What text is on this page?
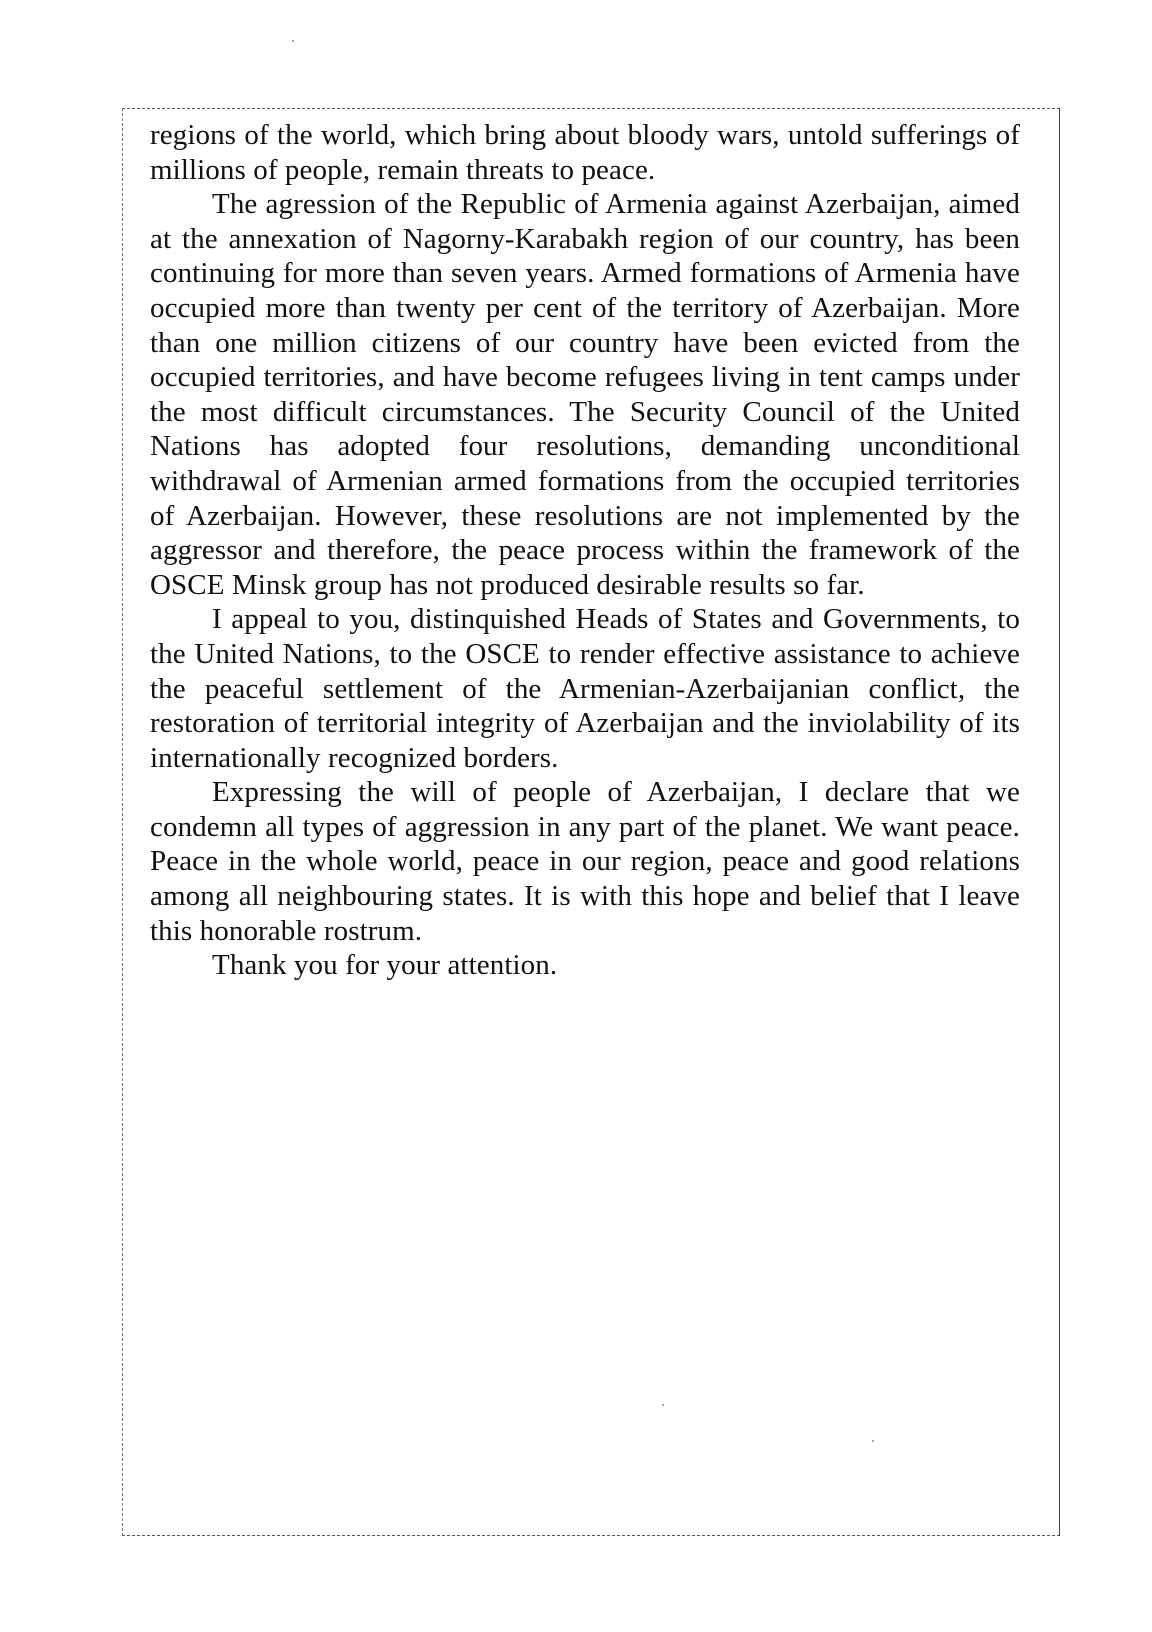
regions of the world, which bring about bloody wars, untold sufferings of millions of people, remain threats to peace.

The agression of the Republic of Armenia against Azerbaijan, aimed at the annexation of Nagorny-Karabakh region of our country, has been continuing for more than seven years. Armed formations of Armenia have occupied more than twenty per cent of the territory of Azerbaijan. More than one million citizens of our country have been evicted from the occupied territories, and have become refugees living in tent camps under the most difficult circumstances. The Security Council of the United Nations has adopted four resolutions, demanding unconditional withdrawal of Armenian armed formations from the occupied territories of Azerbaijan. However, these resolutions are not implemented by the aggressor and therefore, the peace process within the framework of the OSCE Minsk group has not produced desirable results so far.

I appeal to you, distinquished Heads of States and Governments, to the United Nations, to the OSCE to render effective assistance to achieve the peaceful settlement of the Armenian-Azerbaijanian conflict, the restoration of territorial integrity of Azerbaijan and the inviolability of its internationally recognized borders.

Expressing the will of people of Azerbaijan, I declare that we condemn all types of aggression in any part of the planet. We want peace. Peace in the whole world, peace in our region, peace and good relations among all neighbouring states. It is with this hope and belief that I leave this honorable rostrum.

Thank you for your attention.
